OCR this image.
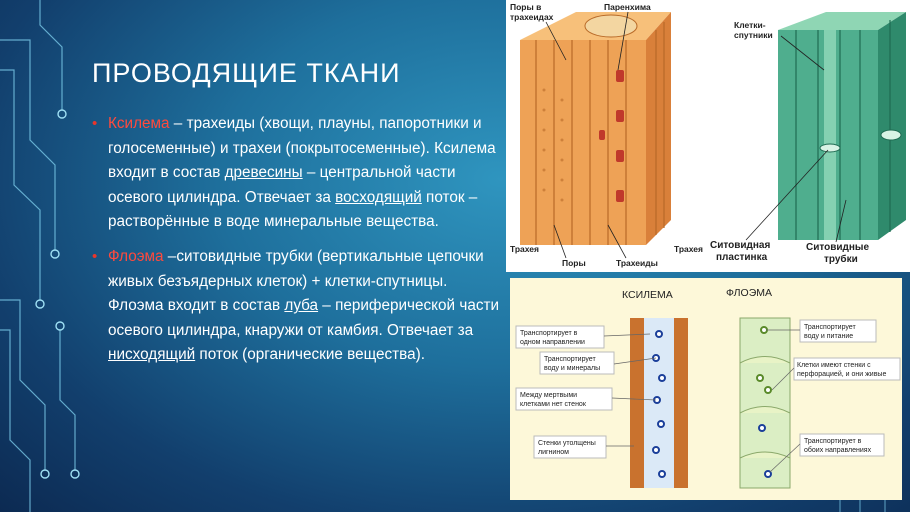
ПРОВОДЯЩИЕ ТКАНИ

• Ксилема – трахеиды (хвощи, плауны, папоротники и голосеменные) и трахеи (покрытосеменные). Ксилема входит в состав древесины – центральной части осевого цилиндра. Отвечает за восходящий поток – растворённые в воде минеральные вещества.

• Флоэма –ситовидные трубки (вертикальные цепочки живых безъядерных клеток) + клетки-спутницы. Флоэма входит в состав луба – периферической части осевого цилиндра, кнаружи от камбия. Отвечает за нисходящий поток (органические вещества).

Поры в
трахеидах
Паренхима
Клетки-
спутники
Трахея
Поры	Трахеиды
Трахея Ситовидная
пластинка
Ситовидные
трубки
КСИЛЕМА	ФЛОЭМА
Транспортирует в
одном направлении
Транспортирует
воду и минералы
Между мертвыми
клетками нет стенок
Стенки утолщены
лигнином
Транспортирует
воду и питание
Клетки имеют стенки с
перфорацией, и они живые
Транспортирует в
обоих направлениях
